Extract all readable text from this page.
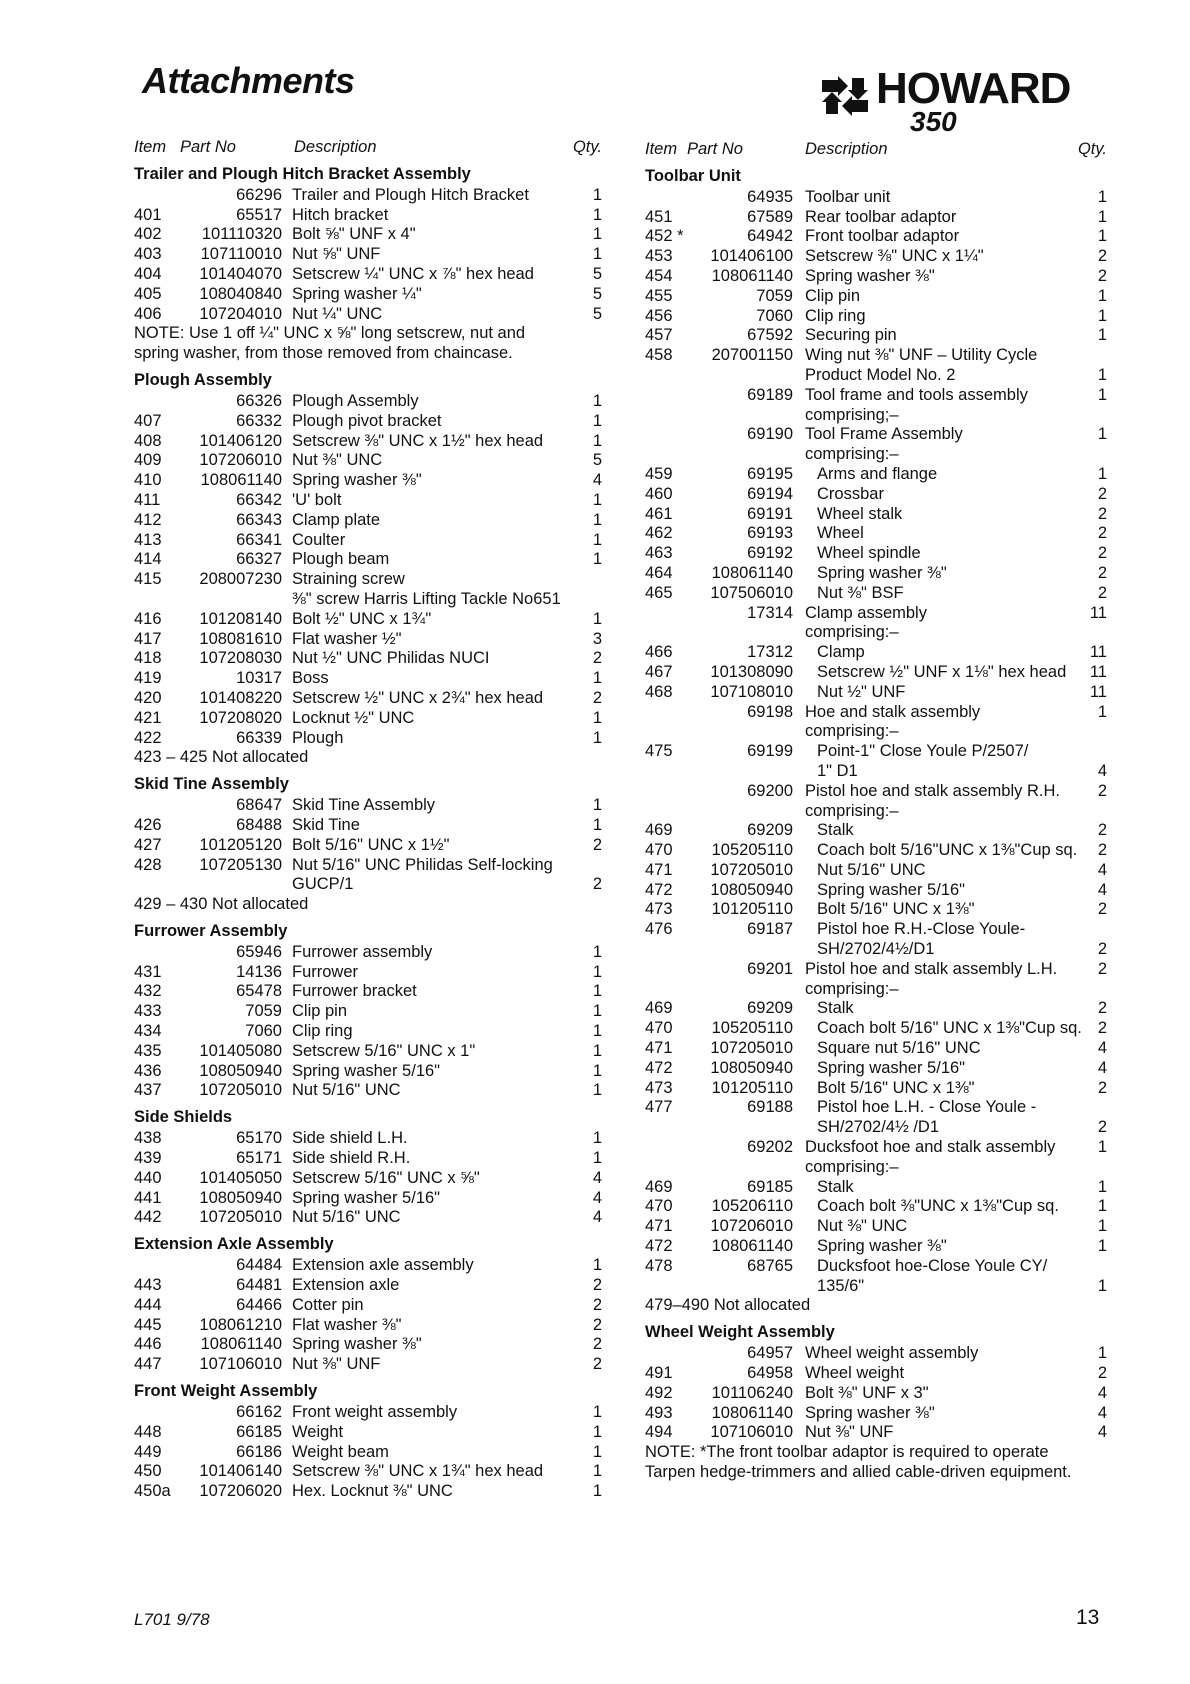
Attachments	HOWARD
350
Item Part No	Description	Qty.
Trailer and Plough Hitch Bracket Assembly
66296 Trailer and Plough Hitch Bracket	1
401	65517 Hitch bracket	1
402	101110320 Bolt ⅝" UNF x 4"	1
403	107110010 Nut ⅝" UNF	1
404	101404070 Setscrew ¼" UNC x ⅞" hex head	5
405	108040840 Spring washer ¼"	5
406	107204010 Nut ¼" UNC	5
NOTE: Use 1 off ¼" UNC x ⅝" long setscrew, nut and
spring washer, from those removed from chaincase.
Plough Assembly
66326 Plough Assembly	1
407	66332 Plough pivot bracket	1
408	101406120 Setscrew ⅜" UNC x 1½" hex head	1
409	107206010 Nut ⅜" UNC	5
410	108061140 Spring washer ⅜"	4
411	66342 'U' bolt	1
412	66343 Clamp plate	1
413	66341 Coulter	1
414	66327 Plough beam	1
415	208007230 Straining screw
⅜" screw Harris Lifting Tackle No651
416	101208140 Bolt ½" UNC x 1¾"	1
417	108081610 Flat washer ½"	3
418	107208030 Nut ½" UNC Philidas NUCI	2
419	10317 Boss	1
420	101408220 Setscrew ½" UNC x 2¾" hex head	2
421	107208020 Locknut ½" UNC	1
422	66339 Plough	1
423 – 425 Not allocated
Skid Tine Assembly
68647 Skid Tine Assembly	1
426	68488 Skid Tine	1
427	101205120 Bolt 5/16" UNC x 1½"	2
428	107205130 Nut 5/16" UNC Philidas Self-locking
GUCP/1	2
429 – 430 Not allocated
Furrower Assembly
65946 Furrower assembly	1
431	14136 Furrower	1
432	65478 Furrower bracket	1
433	7059 Clip pin	1
434	7060 Clip ring	1
435	101405080 Setscrew 5/16" UNC x 1"	1
436	108050940 Spring washer 5/16"	1
437	107205010 Nut 5/16" UNC	1
Side Shields
438	65170 Side shield L.H.	1
439	65171 Side shield R.H.	1
440	101405050 Setscrew 5/16" UNC x ⅝"	4
441	108050940 Spring washer 5/16"	4
442	107205010 Nut 5/16" UNC	4
Extension Axle Assembly
64484 Extension axle assembly	1
443	64481 Extension axle	2
444	64466 Cotter pin	2
445	108061210 Flat washer ⅜"	2
446	108061140 Spring washer ⅜"	2
447	107106010 Nut ⅜" UNF	2
Front Weight Assembly
66162 Front weight assembly	1
448	66185 Weight	1
449	66186 Weight beam	1
450	101406140 Setscrew ⅜" UNC x 1¾" hex head	1
450a	107206020 Hex. Locknut ⅜" UNC	1
Item Part No	Description	Qty.
Toolbar Unit
64935 Toolbar unit	1
451	67589 Rear toolbar adaptor	1
452 *	64942 Front toolbar adaptor	1
453	101406100 Setscrew ⅜" UNC x 1¼"	2
454	108061140 Spring washer ⅜"	2
455	7059 Clip pin	1
456	7060 Clip ring	1
457	67592 Securing pin	1
458	207001150 Wing nut ⅜" UNF – Utility Cycle
Product Model No. 2	1
69189 Tool frame and tools assembly	1
comprising;–
69190 Tool Frame Assembly	1
comprising:–
459	69195 Arms and flange	1
460	69194 Crossbar	2
461	69191 Wheel stalk	2
462	69193 Wheel	2
463	69192 Wheel spindle	2
464	108061140 Spring washer ⅜"	2
465	107506010 Nut ⅜" BSF	2
17314 Clamp assembly	11
comprising:–
466	17312 Clamp	11
467	101308090 Setscrew ½" UNF x 1⅛" hex head	11
468	107108010 Nut ½" UNF	11
69198 Hoe and stalk assembly	1
comprising:–
475	69199 Point-1" Close Youle P/2507/
1" D1	4
69200 Pistol hoe and stalk assembly R.H.	2
comprising:–
469	69209 Stalk	2
470	105205110 Coach bolt 5/16"UNC x 1⅜"Cup sq.	2
471	107205010 Nut 5/16" UNC	4
472	108050940 Spring washer 5/16"	4
473	101205110 Bolt 5/16" UNC x 1⅜"	2
476	69187 Pistol hoe R.H.-Close Youle-
SH/2702/4½/D1	2
69201 Pistol hoe and stalk assembly L.H.	2
comprising:–
469	69209 Stalk	2
470	105205110 Coach bolt 5/16" UNC x 1⅜"Cup sq. 2
471	107205010 Square nut 5/16" UNC	4
472	108050940 Spring washer 5/16"	4
473	101205110 Bolt 5/16" UNC x 1⅜"	2
477	69188 Pistol hoe L.H. - Close Youle -
SH/2702/4½ /D1	2
69202 Ducksfoot hoe and stalk assembly	1
comprising:–
469	69185 Stalk	1
470	105206110 Coach bolt ⅜"UNC x 1⅜"Cup sq.	1
471	107206010 Nut ⅜" UNC	1
472	108061140 Spring washer ⅜"	1
478	68765 Ducksfoot hoe-Close Youle CY/
135/6"	1
479–490 Not allocated
Wheel Weight Assembly
64957 Wheel weight assembly	1
491	64958 Wheel weight	2
492	101106240 Bolt ⅜" UNF x 3"	4
493	108061140 Spring washer ⅜"	4
494	107106010 Nut ⅜" UNF	4
NOTE: *The front toolbar adaptor is required to operate
Tarpen hedge-trimmers and allied cable-driven equipment.
L701 9/78	13
